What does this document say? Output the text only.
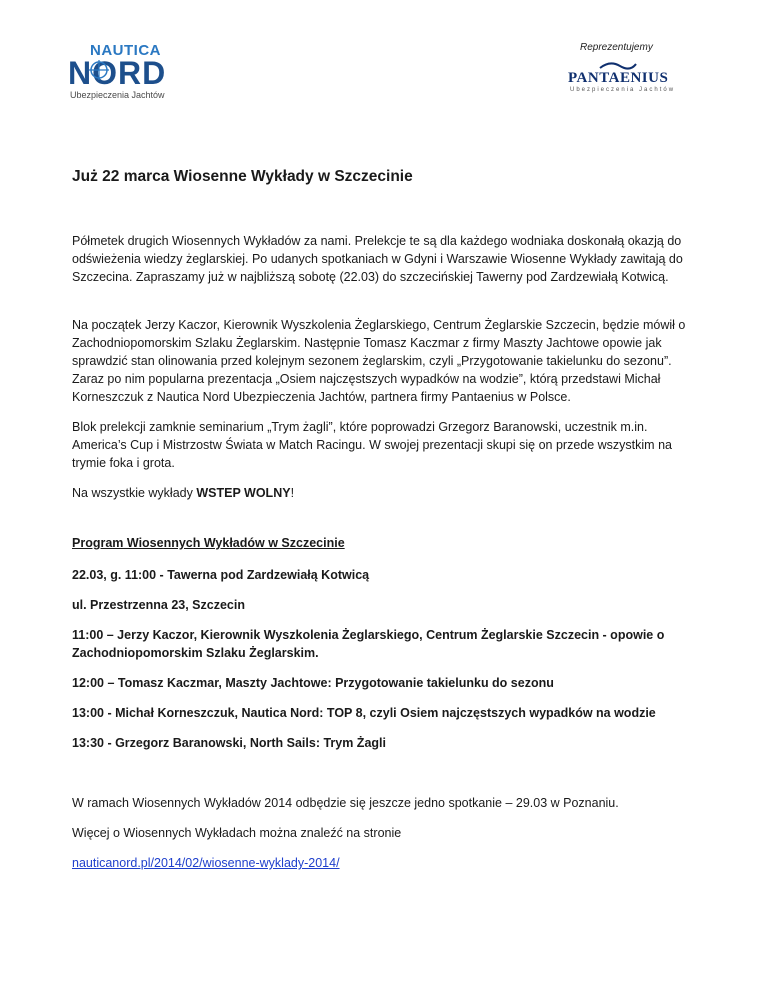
NAUTICA
NORD
Ubezpieczenia Jachtów
Reprezentujemy
PANTAENIUS
Ubezpieczenia Jachtów
Już 22 marca Wiosenne Wykłady w Szczecinie

Półmetek drugich Wiosennych Wykładów za nami. Prelekcje te są dla każdego wodniaka doskonałą okazją do odświeżenia wiedzy żeglarskiej. Po udanych spotkaniach w Gdyni i Warszawie Wiosenne Wykłady zawitają do Szczecina. Zapraszamy już w najbliższą sobotę (22.03) do szczecińskiej Tawerny pod Zardzewiałą Kotwicą.

Na początek Jerzy Kaczor, Kierownik Wyszkolenia Żeglarskiego, Centrum Żeglarskie Szczecin, będzie mówił o Zachodniopomorskim Szlaku Żeglarskim. Następnie Tomasz Kaczmar z firmy Maszty Jachtowe opowie jak sprawdzić stan olinowania przed kolejnym sezonem żeglarskim, czyli „Przygotowanie takielunku do sezonu”. Zaraz po nim popularna prezentacja „Osiem najczęstszych wypadków na wodzie”, którą przedstawi Michał Korneszczuk z Nautica Nord Ubezpieczenia Jachtów, partnera firmy Pantaenius w Polsce.

Blok prelekcji zamknie seminarium „Trym żagli”, które poprowadzi Grzegorz Baranowski, uczestnik m.in. America’s Cup i Mistrzostw Świata w Match Racingu. W swojej prezentacji skupi się on przede wszystkim na trymie foka i grota.

Na wszystkie wykłady WSTEP WOLNY!

Program Wiosennych Wykładów w Szczecinie

22.03, g. 11:00 - Tawerna pod Zardzewiałą Kotwicą

ul. Przestrzenna 23, Szczecin

11:00 – Jerzy Kaczor, Kierownik Wyszkolenia Żeglarskiego, Centrum Żeglarskie Szczecin - opowie o Zachodniopomorskim Szlaku Żeglarskim.

12:00 – Tomasz Kaczmar, Maszty Jachtowe: Przygotowanie takielunku do sezonu

13:00 - Michał Korneszczuk, Nautica Nord: TOP 8, czyli Osiem najczęstszych wypadków na wodzie

13:30 - Grzegorz Baranowski, North Sails: Trym Żagli

W ramach Wiosennych Wykładów 2014 odbędzie się jeszcze jedno spotkanie – 29.03 w Poznaniu.

Więcej o Wiosennych Wykładach można znaleźć na stronie

nauticanord.pl/2014/02/wiosenne-wyklady-2014/
